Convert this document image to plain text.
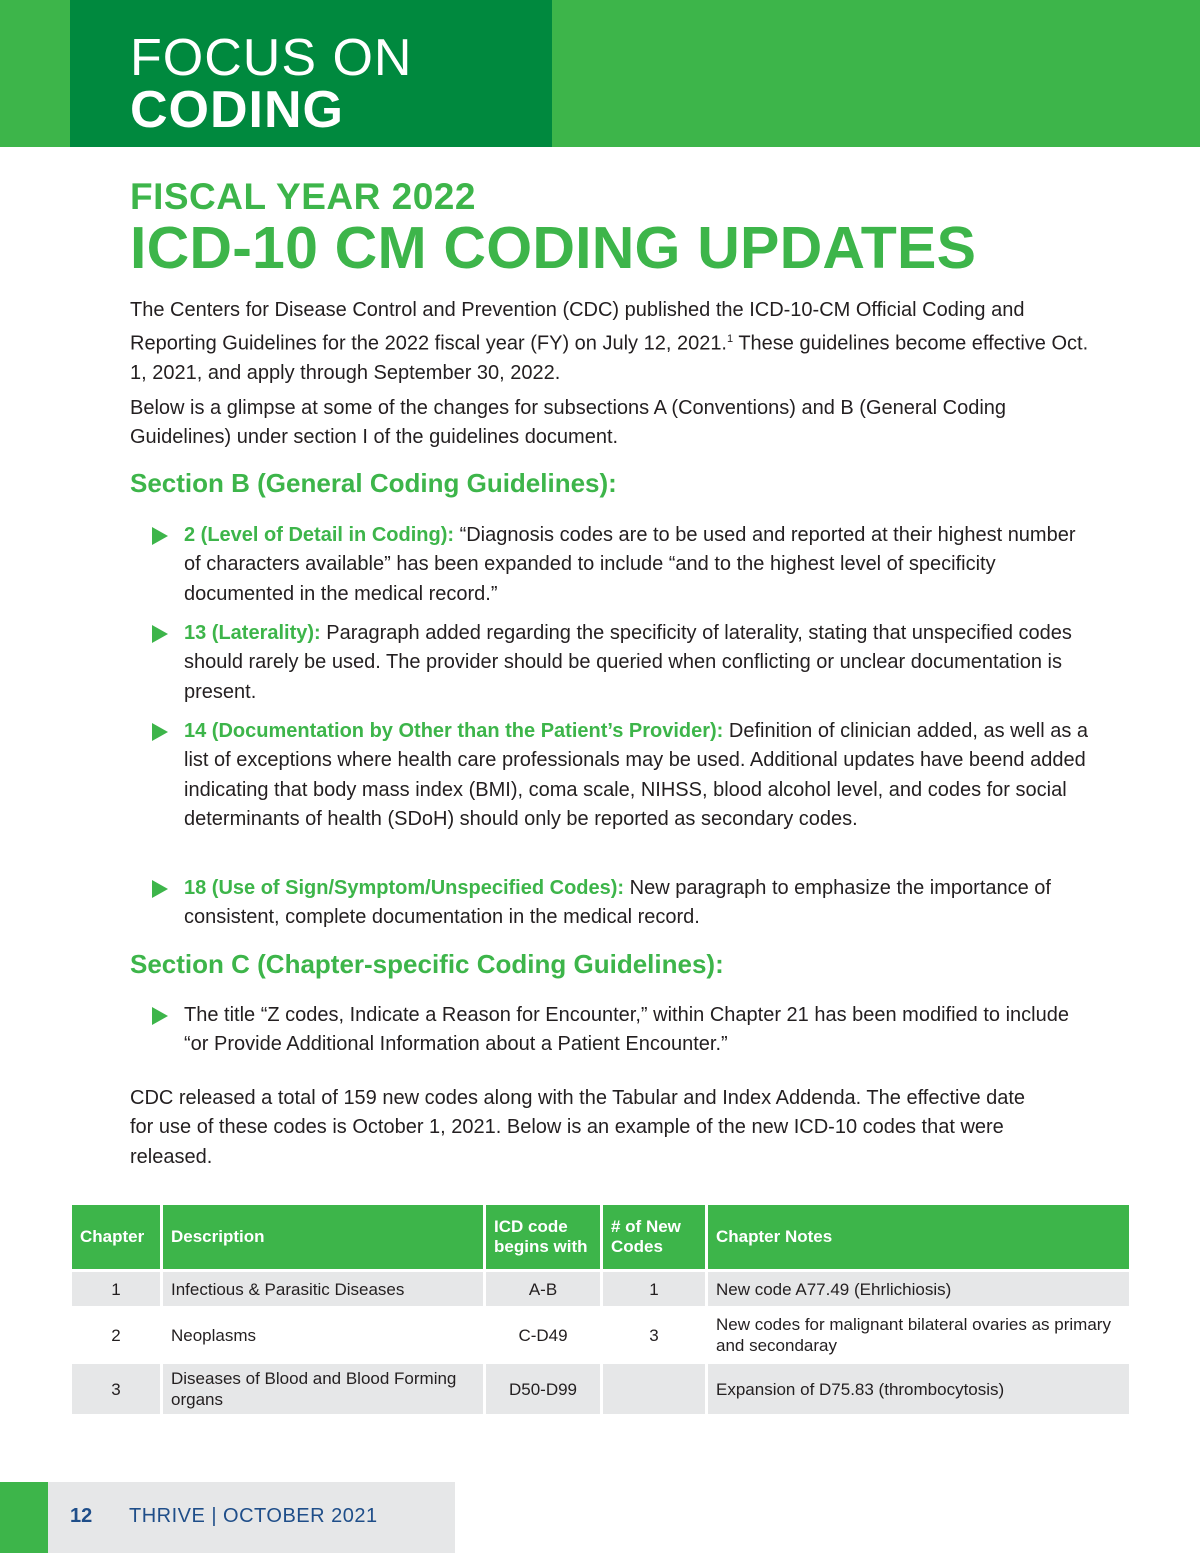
FOCUS ON
CODING
FISCAL YEAR 2022
ICD-10 CM CODING UPDATES

The Centers for Disease Control and Prevention (CDC) published the ICD-10-CM Official Coding and Reporting Guidelines for the 2022 fiscal year (FY) on July 12, 2021.$^1$ These guidelines become effective Oct. 1, 2021, and apply through September 30, 2022.

Below is a glimpse at some of the changes for subsections A (Conventions) and B (General Coding Guidelines) under section I of the guidelines document.

Section B (General Coding Guidelines):

2 (Level of Detail in Coding): “Diagnosis codes are to be used and reported at their highest number of characters available” has been expanded to include “and to the highest level of specificity documented in the medical record.”

13 (Laterality): Paragraph added regarding the specificity of laterality, stating that unspecified codes should rarely be used. The provider should be queried when conflicting or unclear documentation is present.

14 (Documentation by Other than the Patient’s Provider): Definition of clinician added, as well as a list of exceptions where health care professionals may be used. Additional updates have beend added indicating that body mass index (BMI), coma scale, NIHSS, blood alcohol level, and codes for social determinants of health (SDoH) should only be reported as secondary codes.

18 (Use of Sign/Symptom/Unspecified Codes): New paragraph to emphasize the importance of consistent, complete documentation in the medical record.

Section C (Chapter-specific Coding Guidelines):

The title “Z codes, Indicate a Reason for Encounter,” within Chapter 21 has been modified to include “or Provide Additional Information about a Patient Encounter.”

CDC released a total of 159 new codes along with the Tabular and Index Addenda. The effective date for use of these codes is October 1, 2021. Below is an example of the new ICD-10 codes that were released.

Chapter	Description	ICD code begins with	# of New Codes	Chapter Notes
1	Infectious & Parasitic Diseases	A-B	1	New code A77.49 (Ehrlichiosis)
2	Neoplasms	C-D49	3	New codes for malignant bilateral ovaries as primary and secondaray
3	Diseases of Blood and Blood Forming organs	D50-D99		Expansion of D75.83 (thrombocytosis)
12 THRIVE | OCTOBER 2021
